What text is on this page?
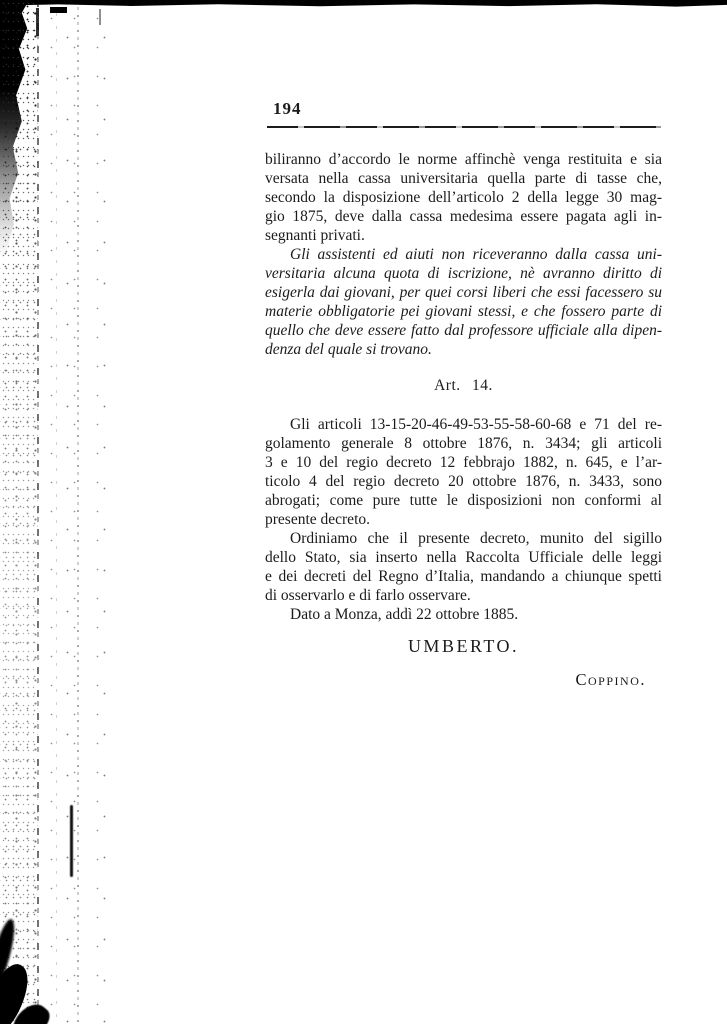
194
biliranno d’accordo le norme affinchè venga restituita e sia
versata nella cassa universitaria quella parte di tasse che,
secondo la disposizione dell’articolo 2 della legge 30 mag-
gio 1875, deve dalla cassa medesima essere pagata agli in-
segnanti privati.
Gli assistenti ed aiuti non riceveranno dalla cassa uni-
versitaria alcuna quota di iscrizione, nè avranno diritto di
esigerla dai giovani, per quei corsi liberi che essi facessero su
materie obbligatorie pei giovani stessi, e che fossero parte di
quello che deve essere fatto dal professore ufficiale alla dipen-
denza del quale si trovano.
Art. 14.
Gli articoli 13-15-20-46-49-53-55-58-60-68 e 71 del re-
golamento generale 8 ottobre 1876, n. 3434; gli articoli
3 e 10 del regio decreto 12 febbrajo 1882, n. 645, e l’ar-
ticolo 4 del regio decreto 20 ottobre 1876, n. 3433, sono
abrogati; come pure tutte le disposizioni non conformi al
presente decreto.
Ordiniamo che il presente decreto, munito del sigillo
dello Stato, sia inserto nella Raccolta Ufficiale delle leggi
e dei decreti del Regno d’Italia, mandando a chiunque spetti
di osservarlo e di farlo osservare.
Dato a Monza, addì 22 ottobre 1885.
UMBERTO.
Coppino.
